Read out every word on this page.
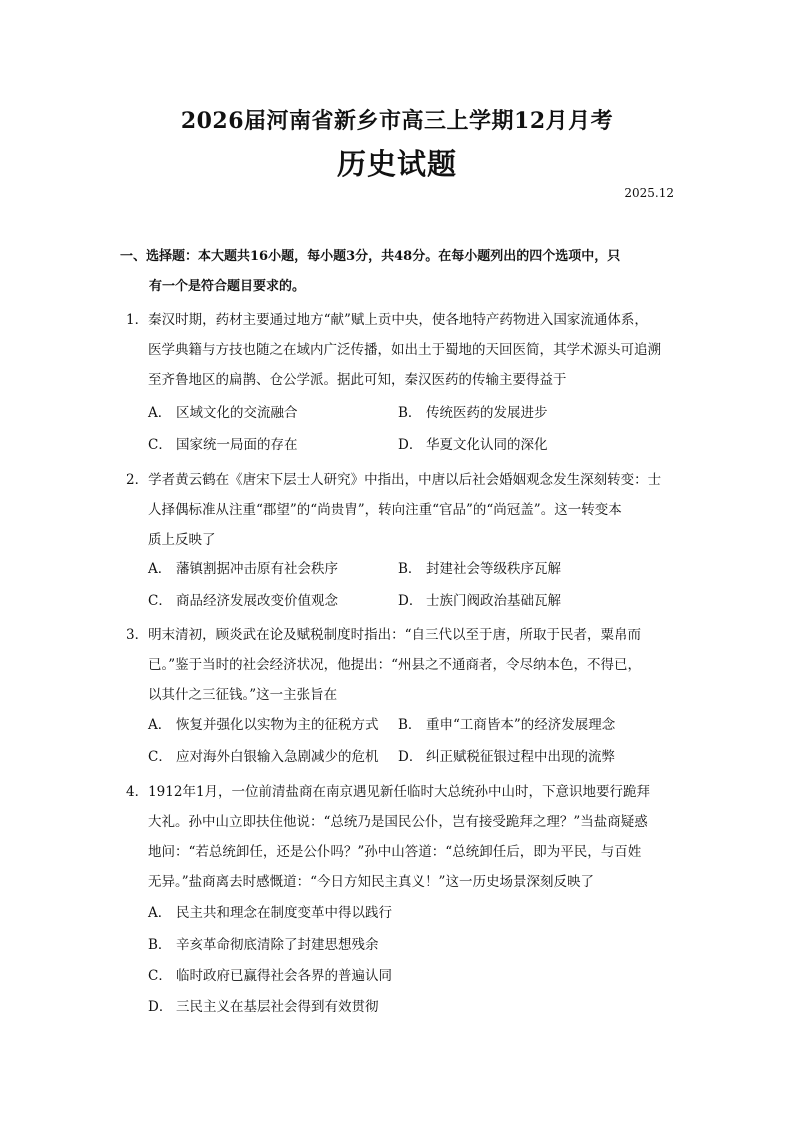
2026届河南省新乡市高三上学期12月月考
历史试题
2025.12
一、选择题：本大题共16小题，每小题3分，共48分。在每小题列出的四个选项中，只
有一个是符合题目要求的。
1．秦汉时期，药材主要通过地方“献”赋上贡中央，使各地特产药物进入国家流通体系，
医学典籍与方技也随之在域内广泛传播，如出土于蜀地的天回医简，其学术源头可追溯
至齐鲁地区的扁鹊、仓公学派。据此可知，秦汉医药的传输主要得益于
A． 区域文化的交流融合	B． 传统医药的发展进步
C． 国家统一局面的存在	D． 华夏文化认同的深化
2．学者黄云鹤在《唐宋下层士人研究》中指出，中唐以后社会婚姻观念发生深刻转变：士
人择偶标准从注重“郡望”的“尚贵胄”，转向注重“官品”的“尚冠盖”。这一转变本
质上反映了
A． 藩镇割据冲击原有社会秩序	B． 封建社会等级秩序瓦解
C． 商品经济发展改变价值观念	D． 士族门阀政治基础瓦解
3．明末清初，顾炎武在论及赋税制度时指出：“自三代以至于唐，所取于民者，粟帛而
已。”鉴于当时的社会经济状况，他提出：“州县之不通商者，令尽纳本色，不得已，
以其什之三征钱。”这一主张旨在
A． 恢复并强化以实物为主的征税方式 B． 重申“工商皆本”的经济发展理念
C． 应对海外白银输入急剧减少的危机 D． 纠正赋税征银过程中出现的流弊
4．1912年1月，一位前清盐商在南京遇见新任临时大总统孙中山时，下意识地要行跪拜
大礼。孙中山立即扶住他说：“总统乃是国民公仆，岂有接受跪拜之理？”当盐商疑惑
地问：“若总统卸任，还是公仆吗？”孙中山答道：“总统卸任后，即为平民，与百姓
无异。”盐商离去时感慨道：“今日方知民主真义！”这一历史场景深刻反映了
A． 民主共和理念在制度变革中得以践行
B． 辛亥革命彻底清除了封建思想残余
C． 临时政府已赢得社会各界的普遍认同
D． 三民主义在基层社会得到有效贯彻
